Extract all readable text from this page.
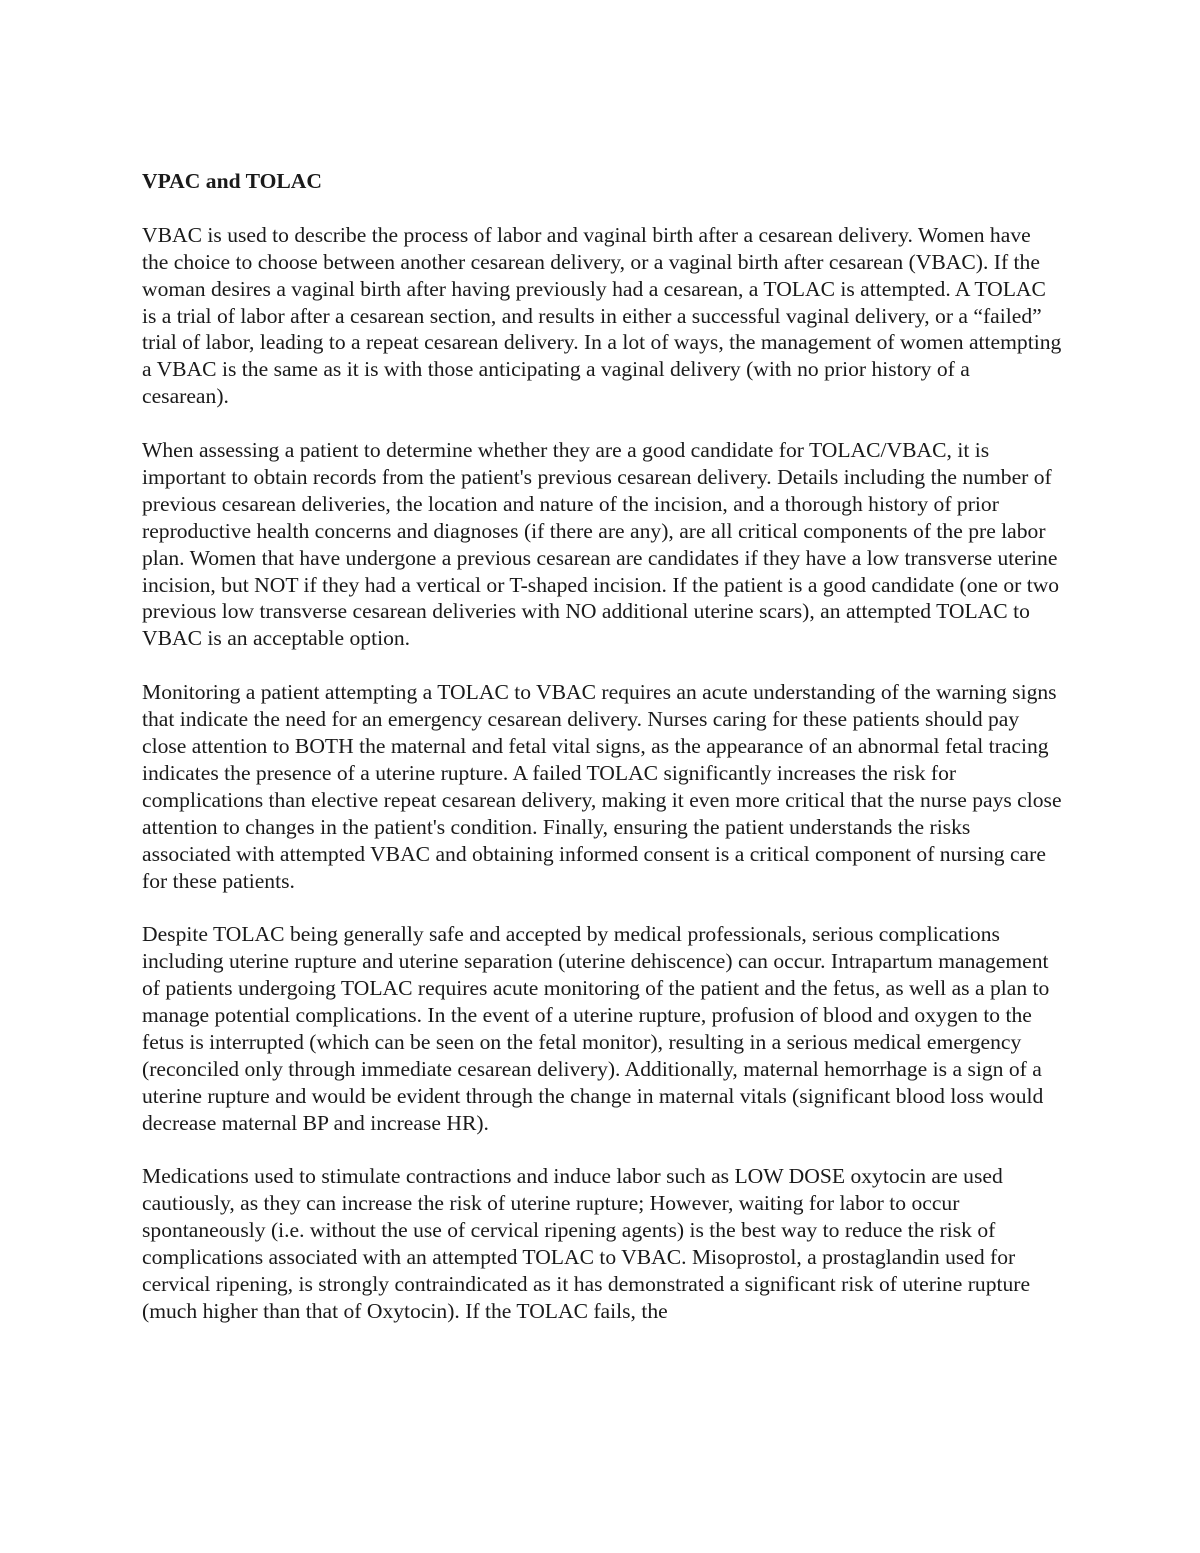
VPAC and TOLAC

VBAC is used to describe the process of labor and vaginal birth after a cesarean delivery. Women have the choice to choose between another cesarean delivery, or a vaginal birth after cesarean (VBAC). If the woman desires a vaginal birth after having previously had a cesarean, a TOLAC is attempted. A TOLAC is a trial of labor after a cesarean section, and results in either a successful vaginal delivery, or a “failed” trial of labor, leading to a repeat cesarean delivery. In a lot of ways, the management of women attempting a VBAC is the same as it is with those anticipating a vaginal delivery (with no prior history of a cesarean).

When assessing a patient to determine whether they are a good candidate for TOLAC/VBAC, it is important to obtain records from the patient's previous cesarean delivery. Details including the number of previous cesarean deliveries, the location and nature of the incision, and a thorough history of prior reproductive health concerns and diagnoses (if there are any), are all critical components of the pre labor plan. Women that have undergone a previous cesarean are candidates if they have a low transverse uterine incision, but NOT if they had a vertical or T-shaped incision. If the patient is a good candidate (one or two previous low transverse cesarean deliveries with NO additional uterine scars), an attempted TOLAC to VBAC is an acceptable option.

Monitoring a patient attempting a TOLAC to VBAC requires an acute understanding of the warning signs that indicate the need for an emergency cesarean delivery. Nurses caring for these patients should pay close attention to BOTH the maternal and fetal vital signs, as the appearance of an abnormal fetal tracing indicates the presence of a uterine rupture. A failed TOLAC significantly increases the risk for complications than elective repeat cesarean delivery, making it even more critical that the nurse pays close attention to changes in the patient's condition. Finally, ensuring the patient understands the risks associated with attempted VBAC and obtaining informed consent is a critical component of nursing care for these patients.

Despite TOLAC being generally safe and accepted by medical professionals, serious complications including uterine rupture and uterine separation (uterine dehiscence) can occur. Intrapartum management of patients undergoing TOLAC requires acute monitoring of the patient and the fetus, as well as a plan to manage potential complications. In the event of a uterine rupture, profusion of blood and oxygen to the fetus is interrupted (which can be seen on the fetal monitor), resulting in a serious medical emergency (reconciled only through immediate cesarean delivery). Additionally, maternal hemorrhage is a sign of a uterine rupture and would be evident through the change in maternal vitals (significant blood loss would decrease maternal BP and increase HR).

Medications used to stimulate contractions and induce labor such as LOW DOSE oxytocin are used cautiously, as they can increase the risk of uterine rupture; However, waiting for labor to occur spontaneously (i.e. without the use of cervical ripening agents) is the best way to reduce the risk of complications associated with an attempted TOLAC to VBAC. Misoprostol, a prostaglandin used for cervical ripening, is strongly contraindicated as it has demonstrated a significant risk of uterine rupture (much higher than that of Oxytocin). If the TOLAC fails, the
